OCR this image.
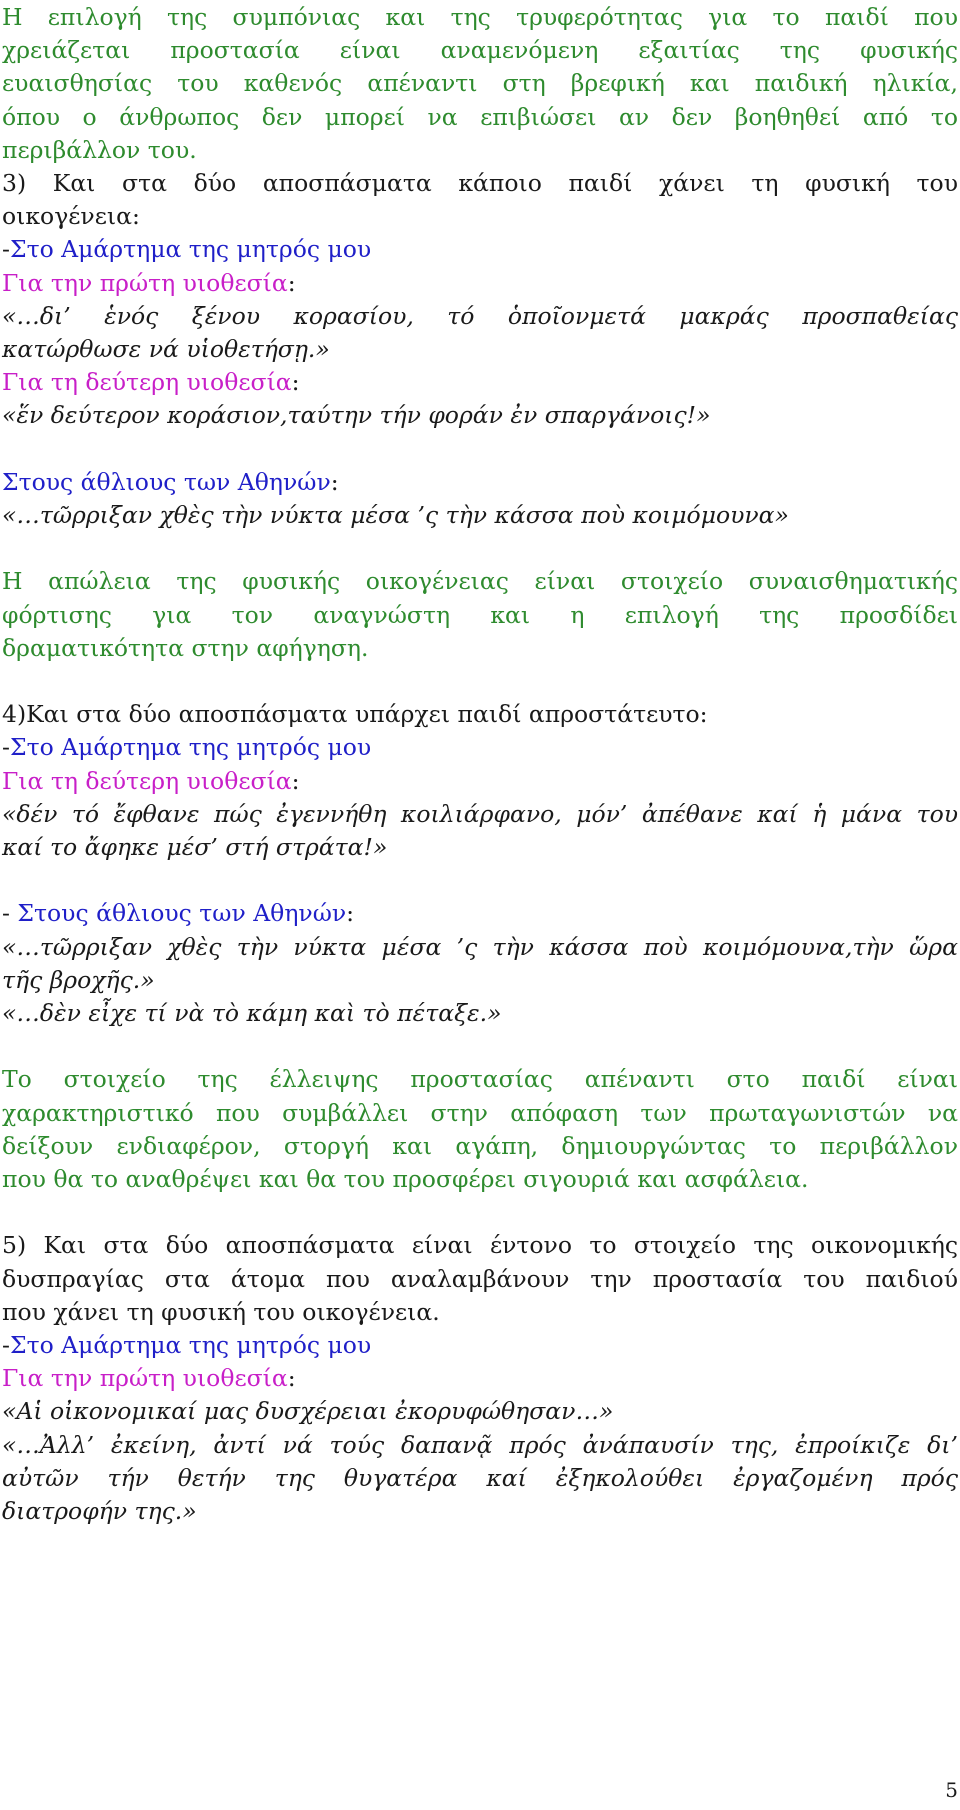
Η επιλογή της συμπόνιας και της τρυφερότητας για το παιδί που
χρειάζεται προστασία είναι αναμενόμενη εξαιτίας της φυσικής
ευαισθησίας του καθενός απέναντι στη βρεφική και παιδική ηλικία,
όπου ο άνθρωπος δεν μπορεί να επιβιώσει αν δεν βοηθηθεί από το
περιβάλλον του.
3) Και στα δύο αποσπάσματα κάποιο παιδί χάνει τη φυσική του
οικογένεια:
-Στο Αμάρτημα της μητρός μου
Για την πρώτη υιοθεσία:
«…δι’ ἑνός ξένου κορασίου, τό ὁποῖονμετά μακράς προσπαθείας
κατώρθωσε νά υἱοθετήσῃ.»
Για τη δεύτερη υιοθεσία:
«ἕν δεύτερον κοράσιον,ταύτην τήν φοράν ἐν σπαργάνοις!»
Στους άθλιους των Αθηνών:
«…τῶρριξαν χθὲς τὴν νύκτα μέσα ’ς τὴν κάσσα ποὺ κοιμόμουνα»
Η απώλεια της φυσικής οικογένειας είναι στοιχείο συναισθηματικής
φόρτισης για τον αναγνώστη και η επιλογή της προσδίδει
δραματικότητα στην αφήγηση.
4)Και στα δύο αποσπάσματα υπάρχει παιδί απροστάτευτο:
-Στο Αμάρτημα της μητρός μου
Για τη δεύτερη υιοθεσία:
«δέν τό ἔφθανε πώς ἐγεννήθη κοιλιάρφανο, μόν’ ἀπέθανε καί ἡ μάνα του
καί το ἄφηκε μέσ’ στή στράτα!»
- Στους άθλιους των Αθηνών:
«…τῶρριξαν χθὲς τὴν νύκτα μέσα ’ς τὴν κάσσα ποὺ κοιμόμουνα,τὴν ὥρα
τῆς βροχῆς.»
«…δὲν εἶχε τί νὰ τὸ κάμη καὶ τὸ πέταξε.»
Το στοιχείο της έλλειψης προστασίας απέναντι στο παιδί είναι
χαρακτηριστικό που συμβάλλει στην απόφαση των πρωταγωνιστών να
δείξουν ενδιαφέρον, στοργή και αγάπη, δημιουργώντας το περιβάλλον
που θα το αναθρέψει και θα του προσφέρει σιγουριά και ασφάλεια.
5) Και στα δύο αποσπάσματα είναι έντονο το στοιχείο της οικονομικής
δυσπραγίας στα άτομα που αναλαμβάνουν την προστασία του παιδιού
που χάνει τη φυσική του οικογένεια.
-Στο Αμάρτημα της μητρός μου
Για την πρώτη υιοθεσία:
«Αἱ οἰκονομικαί μας δυσχέρειαι ἐκορυφώθησαν…»
«…Ἀλλ’ ἐκείνη, ἀντί νά τούς δαπανᾷ πρός ἀνάπαυσίν της, ἐπροίκιζε δι’
αὐτῶν τήν θετήν της θυγατέρα καί ἐξηκολούθει ἐργαζομένη πρός
διατροφήν της.»
5
